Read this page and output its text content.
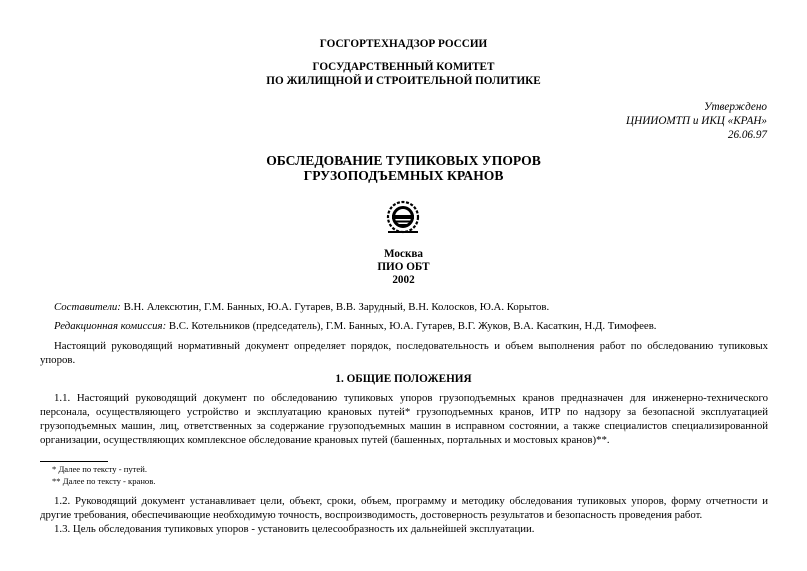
ГОСГОРТЕХНАДЗОР РОССИИ
ГОСУДАРСТВЕННЫЙ КОМИТЕТ
ПО ЖИЛИЩНОЙ И СТРОИТЕЛЬНОЙ ПОЛИТИКЕ
Утверждено
ЦНИИОМТП и ИКЦ «КРАН»
26.06.97
ОБСЛЕДОВАНИЕ ТУПИКОВЫХ УПОРОВ
ГРУЗОПОДЪЕМНЫХ КРАНОВ
Москва
ПИО ОБТ
2002
Составители: В.Н. Алексютин, Г.М. Банных, Ю.А. Гутарев, В.В. Зарудный, В.Н. Колосков, Ю.А. Корытов.
Редакционная комиссия: В.С. Котельников (председатель), Г.М. Банных, Ю.А. Гутарев, В.Г. Жуков, В.А. Касаткин, Н.Д. Тимофеев.
Настоящий руководящий нормативный документ определяет порядок, последовательность и объем выполнения работ по обследованию тупиковых упоров.
1. ОБЩИЕ ПОЛОЖЕНИЯ
1.1. Настоящий руководящий документ по обследованию тупиковых упоров грузоподъемных кранов предназначен для инженерно-технического персонала, осуществляющего устройство и эксплуатацию крановых путей* грузоподъемных кранов, ИТР по надзору за безопасной эксплуатацией грузоподъемных машин, лиц, ответственных за содержание грузоподъемных машин в исправном состоянии, а также специалистов специализированной организации, осуществляющих комплексное обследование крановых путей (башенных, портальных и мостовых кранов)**.
* Далее по тексту - путей.
** Далее по тексту - кранов.
1.2. Руководящий документ устанавливает цели, объект, сроки, объем, программу и методику обследования тупиковых упоров, форму отчетности и другие требования, обеспечивающие необходимую точность, воспроизводимость, достоверность результатов и безопасность проведения работ.
1.3. Цель обследования тупиковых упоров - установить целесообразность их дальнейшей эксплуатации.
